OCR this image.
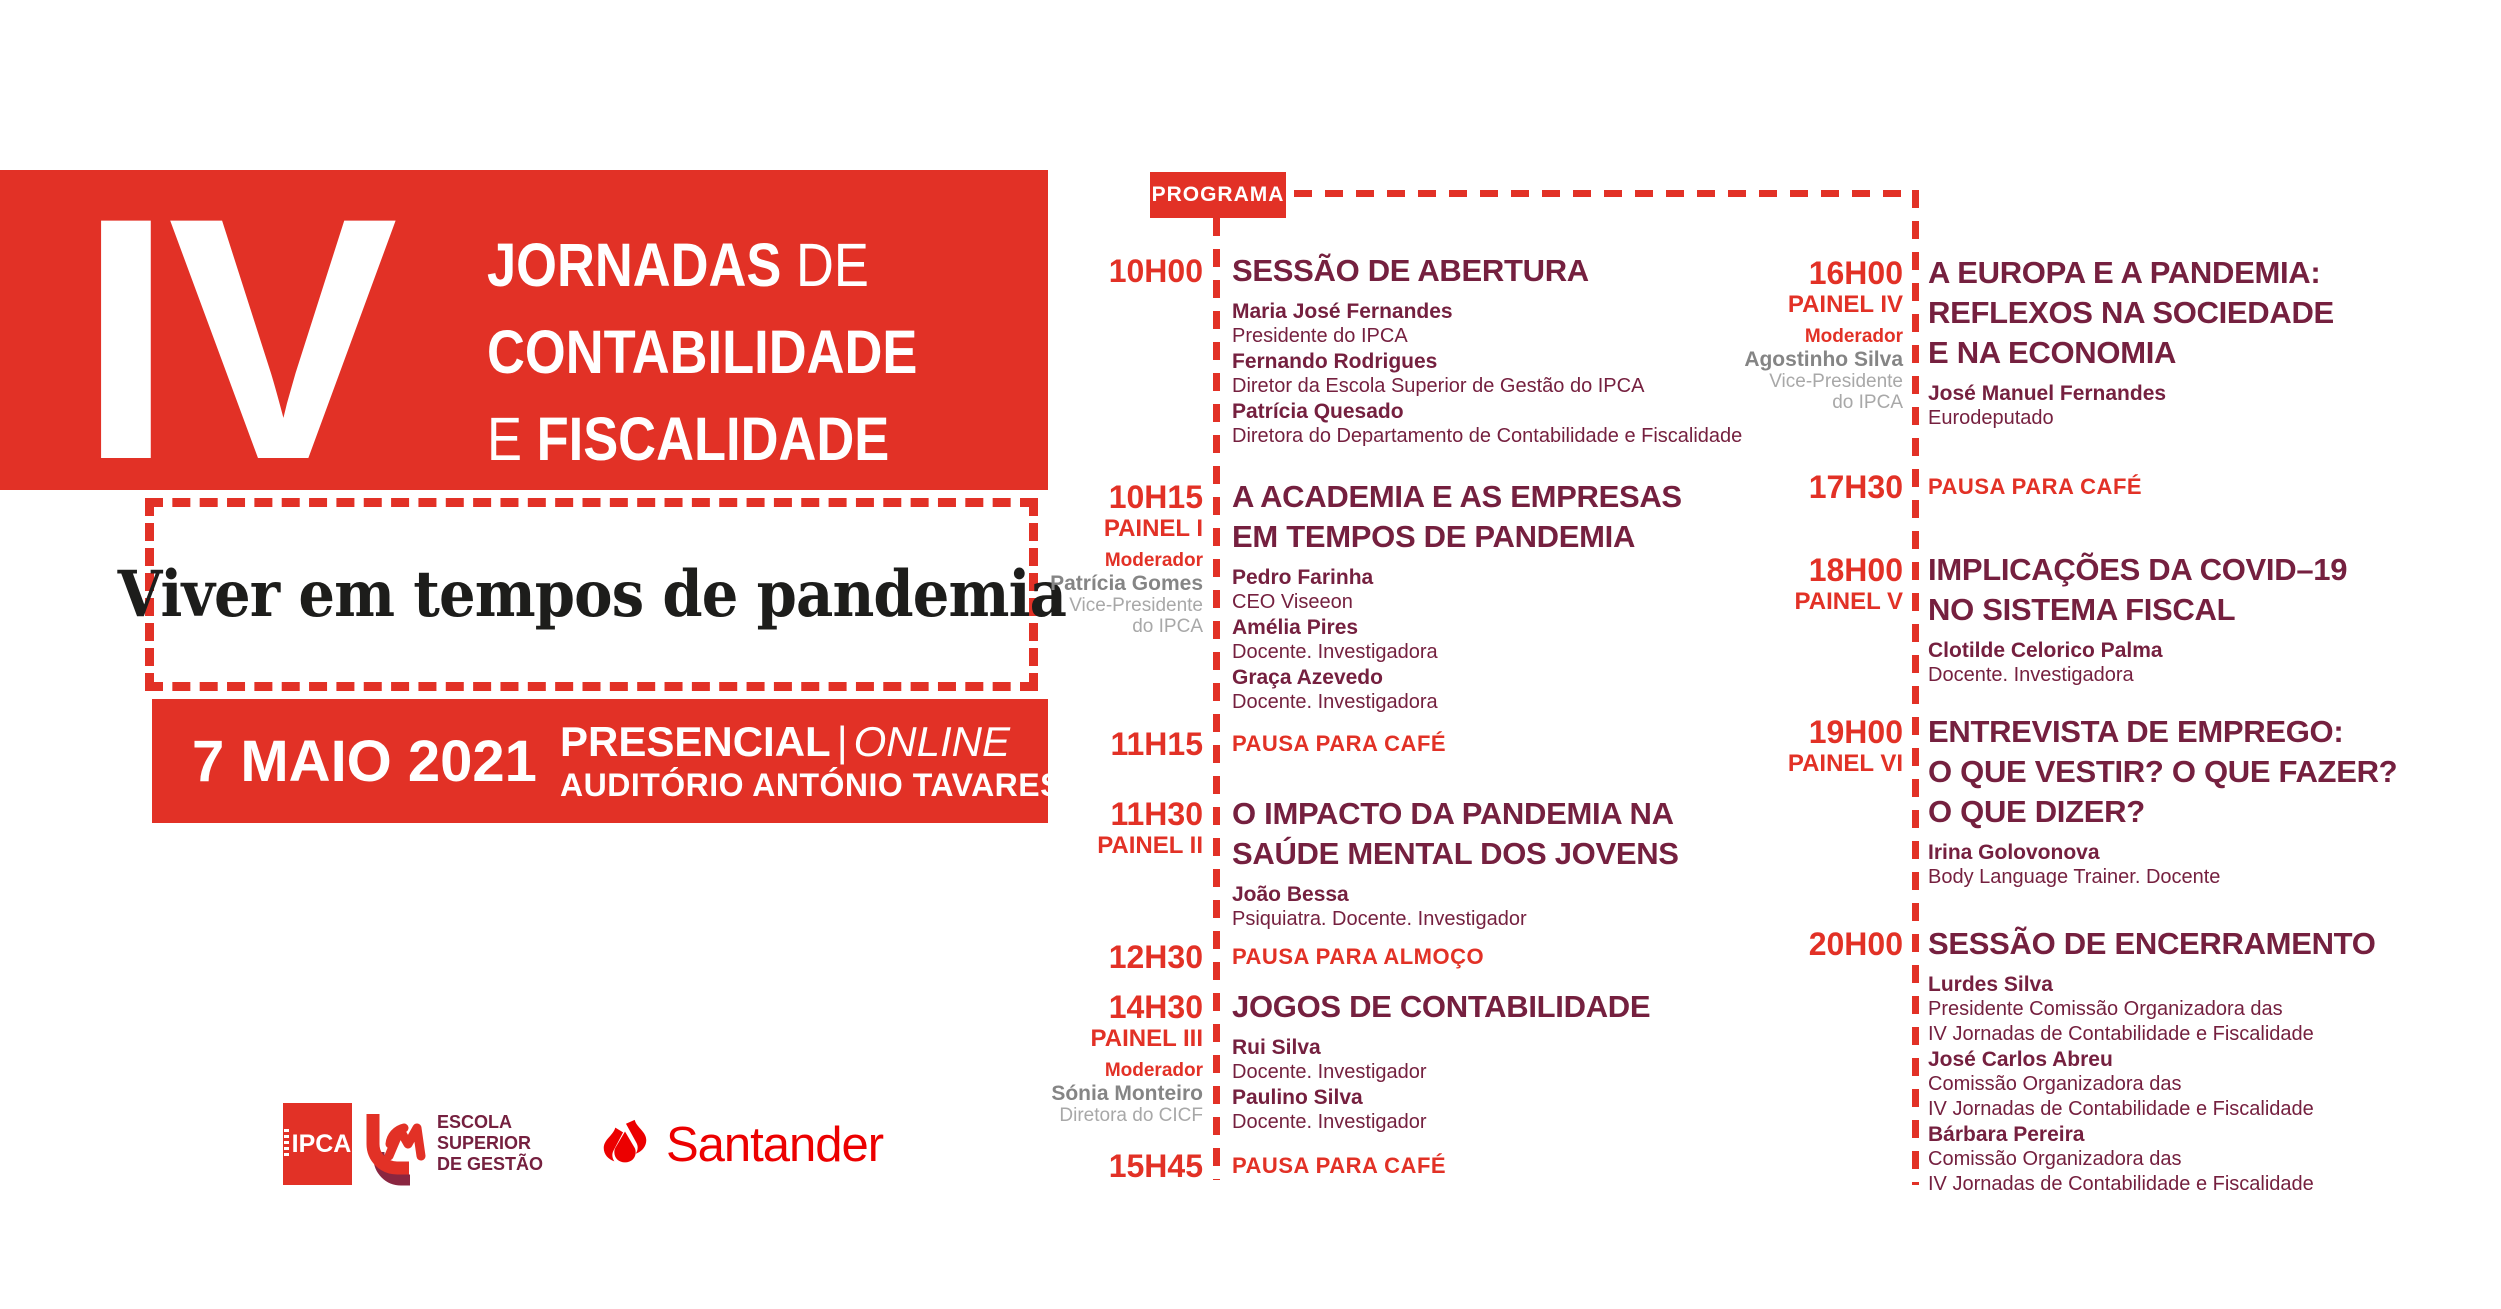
IV JORNADAS DE
CONTABILIDADE
E FISCALIDADE
Viver em tempos de pandemia
7 MAIO 2021 PRESENCIAL | ONLINE
AUDITÓRIO ANTÓNIO TAVARES
IPCA
ESCOLA
SUPERIOR
DE GESTÃO	Santander
PROGRAMA
10H00 SESSÃO DE ABERTURA
Maria José Fernandes
Presidente do IPCA
Fernando Rodrigues
Diretor da Escola Superior de Gestão do IPCA
Patrícia Quesado
Diretora do Departamento de Contabilidade e Fiscalidade
10H15
PAINEL I
Moderador
Patrícia Gomes
Vice-Presidente
do IPCA
A ACADEMIA E AS EMPRESAS
EM TEMPOS DE PANDEMIA
Pedro Farinha
CEO Viseeon
Amélia Pires
Docente. Investigadora
Graça Azevedo
Docente. Investigadora
11H15 PAUSA PARA CAFÉ
11H30
PAINEL II
O IMPACTO DA PANDEMIA NA
SAÚDE MENTAL DOS JOVENS
João Bessa
Psiquiatra. Docente. Investigador
12H30 PAUSA PARA ALMOÇO
14H30
PAINEL III
Moderador
Sónia Monteiro
Diretora do CICF
JOGOS DE CONTABILIDADE
Rui Silva
Docente. Investigador
Paulino Silva
Docente. Investigador
15H45 PAUSA PARA CAFÉ
16H00
PAINEL IV
Moderador
Agostinho Silva
Vice-Presidente
do IPCA
A EUROPA E A PANDEMIA:
REFLEXOS NA SOCIEDADE
E NA ECONOMIA
José Manuel Fernandes
Eurodeputado
17H30 PAUSA PARA CAFÉ
18H00
PAINEL V
IMPLICAÇÕES DA COVID–19
NO SISTEMA FISCAL
Clotilde Celorico Palma
Docente. Investigadora
19H00
PAINEL VI
ENTREVISTA DE EMPREGO:
O QUE VESTIR? O QUE FAZER?
O QUE DIZER?
Irina Golovonova
Body Language Trainer. Docente
20H00 SESSÃO DE ENCERRAMENTO
Lurdes Silva
Presidente Comissão Organizadora das
IV Jornadas de Contabilidade e Fiscalidade
José Carlos Abreu
Comissão Organizadora das
IV Jornadas de Contabilidade e Fiscalidade
Bárbara Pereira
Comissão Organizadora das
IV Jornadas de Contabilidade e Fiscalidade
